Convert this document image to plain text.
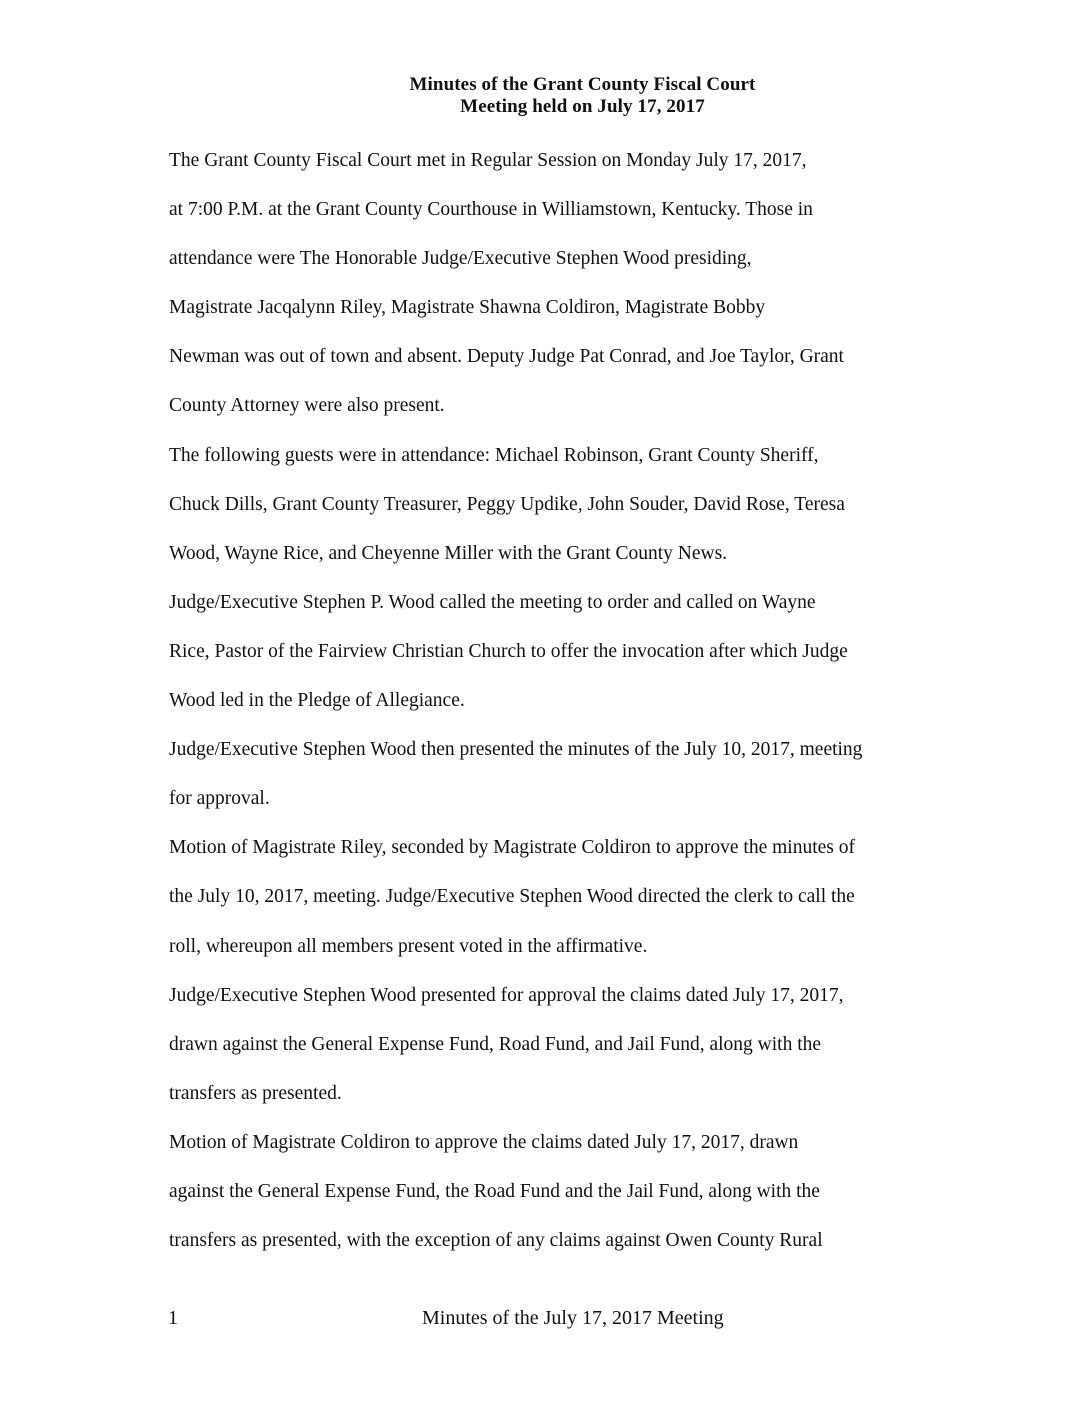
Minutes of the Grant County Fiscal Court
Meeting held on July 17, 2017
The Grant County Fiscal Court met in Regular Session on Monday July 17, 2017,
at 7:00 P.M. at the Grant County Courthouse in Williamstown, Kentucky. Those in
attendance were The Honorable Judge/Executive Stephen Wood presiding,
Magistrate Jacqalynn Riley, Magistrate Shawna Coldiron, Magistrate Bobby
Newman was out of town and absent. Deputy Judge Pat Conrad, and Joe Taylor, Grant
County Attorney were also present.
The following guests were in attendance: Michael Robinson, Grant County Sheriff,
Chuck Dills, Grant County Treasurer, Peggy Updike, John Souder, David Rose, Teresa
Wood, Wayne Rice, and Cheyenne Miller with the Grant County News.
Judge/Executive Stephen P. Wood called the meeting to order and called on Wayne
Rice, Pastor of the Fairview Christian Church to offer the invocation after which Judge
Wood led in the Pledge of Allegiance.
Judge/Executive Stephen Wood then presented the minutes of the July 10, 2017, meeting
for approval.
Motion of Magistrate Riley, seconded by Magistrate Coldiron to approve the minutes of
the July 10, 2017, meeting. Judge/Executive Stephen Wood directed the clerk to call the
roll, whereupon all members present voted in the affirmative.
Judge/Executive Stephen Wood presented for approval the claims dated July 17, 2017,
drawn against the General Expense Fund, Road Fund, and Jail Fund, along with the
transfers as presented.
Motion of Magistrate Coldiron to approve the claims dated July 17, 2017, drawn
against the General Expense Fund, the Road Fund and the Jail Fund, along with the
transfers as presented, with the exception of any claims against Owen County Rural
1	Minutes of the July 17, 2017 Meeting
